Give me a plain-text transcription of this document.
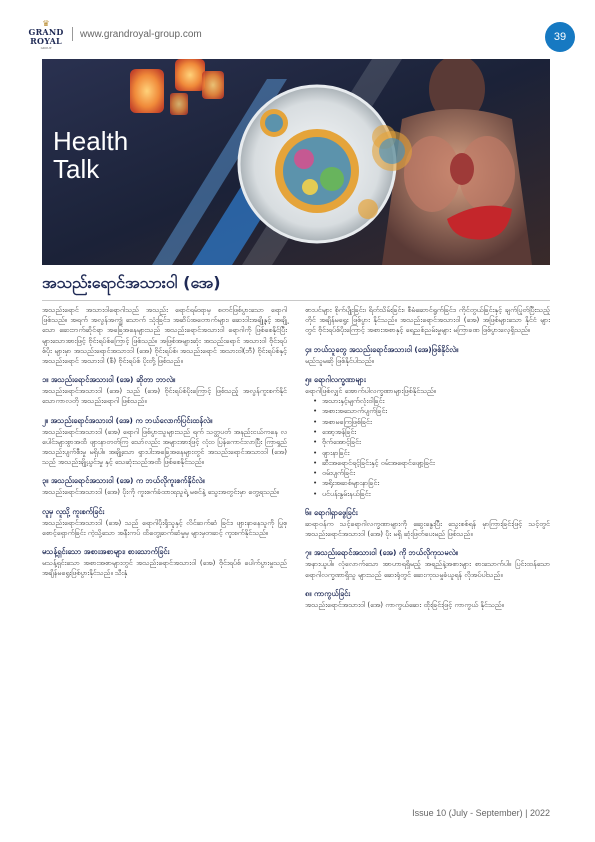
♛
GRAND
ROYAL
GROUP
www.grandroyal-group.com	39
Health
Talk
အသည်းရောင်အသားဝါ (အေ)

အသည်းရောင် အသားဝါရောဂါသည် အသည်း ရောင်ရမ်းရာမှ စတင်ဖြစ်ပွားသော ရောဂါဖြစ်သည်။ အရက် အလွန်အကျွံ သောက် သုံးခြင်း၊ အဆိပ်အတောက်များ၊ ဆေးဝါးအချို့နှင့် အချို့သော ဆေးဘက်ဆိုင်ရာ အခြေအနေများသည် အသည်းရောင်အသားဝါ ရောဂါကို ဖြစ်စေနိုင်ပြီး များသောအားဖြင့် ဗိုင်းရပ်စ်ကြောင့် ဖြစ်သည်။ အဖြစ်အများဆုံး အသည်းရောင် အသားဝါ ဗိုင်းရပ်စ်ပိုး များမှာ အသည်းရောင်အသားဝါ (အေ) ဗိုင်းရပ်စ်၊ အသည်းရောင် အသားဝါ(ဘီ) ဗိုင်းရပ်စ်နှင့် အသည်းရောင် အသားဝါ (စီ) ဗိုင်းရပ်စ် ပိုးတို့ ဖြစ်သည်။

၁။ အသည်းရောင်အသားဝါ (အေ) ဆိုတာ ဘာလဲ။

အသည်းရောင်အသားဝါ (အေ) သည် (အေ) ဗိုင်းရပ်စ်ပိုးကြောင့် ဖြစ်သည့် အလွန်ကူးစက်နိုင်သောကာလတို အသည်းရောဂါ ဖြစ်သည်။

၂။ အသည်းရောင်အသားဝါ (အေ) က ဘယ်လောက်ပြင်းထန်လဲ။

အသည်းရောင်အသားဝါ (အေ) ရောဂါ ဖြစ်ပွားသူများသည် ရက် သတ္တပတ် အနည်းငယ်ကနေ လပေါင်းများစွာအထိ ဖျားနာတတ်ကြ သော်လည်း အများအားဖြင့် လုံးဝ ပြန်ကောင်းလာပြီး ကြာရှည် အသည်းပျက်စီးမှု မရှိပါ။ အချို့သော ရှားပါးအခြေအနေများတွင် အသည်းရောင်အသားဝါ (အေ) သည် အသည်းချို့ယွင်းမှု နှင့် သေဆုံးသည်အထိ ဖြစ်စေနိုင်သည်။

၃။ အသည်းရောင်အသားဝါ (အေ) က ဘယ်လိုကူးစက်နိုင်လဲ။

အသည်းရောင်အသားဝါ (အေ) ပိုးကို ကူးစက်ခံထားရသူရဲ့ မစင်နဲ့ သွေးအတွင်းမှာ တွေ့ရသည်။

လူမှ လူသို့ ကူးစက်ခြင်း

အသည်းရောင်အသားဝါ (အေ) သည် ရောဂါပိုးရှိသူနှင့် လိင်ဆက်ဆံ ခြင်း၊ ဖျားနာနေသူကို ပြုစုစောင့်ရှောက်ခြင်း ကဲ့သို့သော အနီးကပ် ထိတွေ့ဆက်ဆံမှုမှ များမှတဆင့် ကူးစက်နိုင်သည်။

မသန့်ရှင်းသော အစားအစာများ၊ စားသောက်ခြင်း

မသန့်ရှင်းသော အစားအစာများတွင် အသည်းရောင်အသားဝါ (အေ) ဗိုင်းရပ်စ် ပေါက်ပွားမှုသည် အချိန်မရွေးဖြစ်ပွားနိုင်သည်။ သီးနှံ

စားပင်များ စိုက်ပျိုးခြင်း၊ ရိတ်သိမ်းခြင်း၊ စီမံဆောင်ရွက်ခြင်း၊ ကိုင်တွယ်ခြင်းနှင့် ချက်ပြုတ်ပြီးသည့်တိုင် အချိန်မရွေး ဖြစ်ပွား နိုင်သည်။ အသည်းရောင်အသားဝါ (အေ) အဖြစ်များသော နိုင်ငံ များတွင် ဗိုင်းရပ်စ်ပိုးကြောင့် အစားအစာနှင့် ရေညစ်ညမ်းမှုများ မကြာခဏ ဖြစ်ပွားလေ့ရှိသည်။

၄။ ဘယ်သူတွေ အသည်းရောင်အသားဝါ (အေ)ဖြစ်နိုင်လဲ။

မည်သူမဆို ဖြစ်နိုင်ပါသည်။

၅။ ရောဂါလက္ခဏာများ

ရောဂါဖြစ်လျှင် အောက်ပါလက္ခဏာများဖြစ်နိုင်သည်။

• အသားနှင့်မျက်လုံးဝါခြင်း
• အစားအသောက်ပျက်ခြင်း
• အစာမကြေဖြစ်ခြင်း
• အော့အန်ခြင်း
• ဗိုက်အောင့်ခြင်း
• ဖျားနာခြင်း
• ဆီးအရောင်ရင့်ခြင်းနှင့် ဝမ်းအရောင်ဖျော့ခြင်း
• ဝမ်းပျက်ခြင်း
• အရိုးအဆစ်များနာခြင်း
• ပင်ပန်းနွမ်းနယ်ခြင်း
၆။ ရောဂါရှာဖွေခြင်း

ဆရာဝန်က သင့်ရောဂါလက္ခဏာများကို ဆွေးနွေးပြီး သွေးစစ်ရန် မှာကြားခြင်းဖြင့် သင့်တွင် အသည်းရောင်အသားဝါ (အေ) ပိုး မရှိ ဆုံးဖြတ်ပေးမည် ဖြစ်သည်။

၇။ အသည်းရောင်အသားဝါ (အေ) ကို ဘယ်လိုကုသမလဲ။

အနားယူပါ။ လုံလောက်သော အာဟာရရှိမည့် အရည်နဲ့အစားများ စားသောက်ပါ။ ပြင်းထန်သော ရောဂါလက္ခဏာရှိသူ များသည် ဆေးရုံတွင် ဆေးကုသမှုခံယူရန် လိုအပ်ပါသည်။

၈။ ကာကွယ်ခြင်း

အသည်းရောင်အသားဝါ (အေ) ကာကွယ်ဆေး ထိုးခြင်းဖြင့် ကာကွယ် နိုင်သည်။

Issue 10 (July - September) | 2022
